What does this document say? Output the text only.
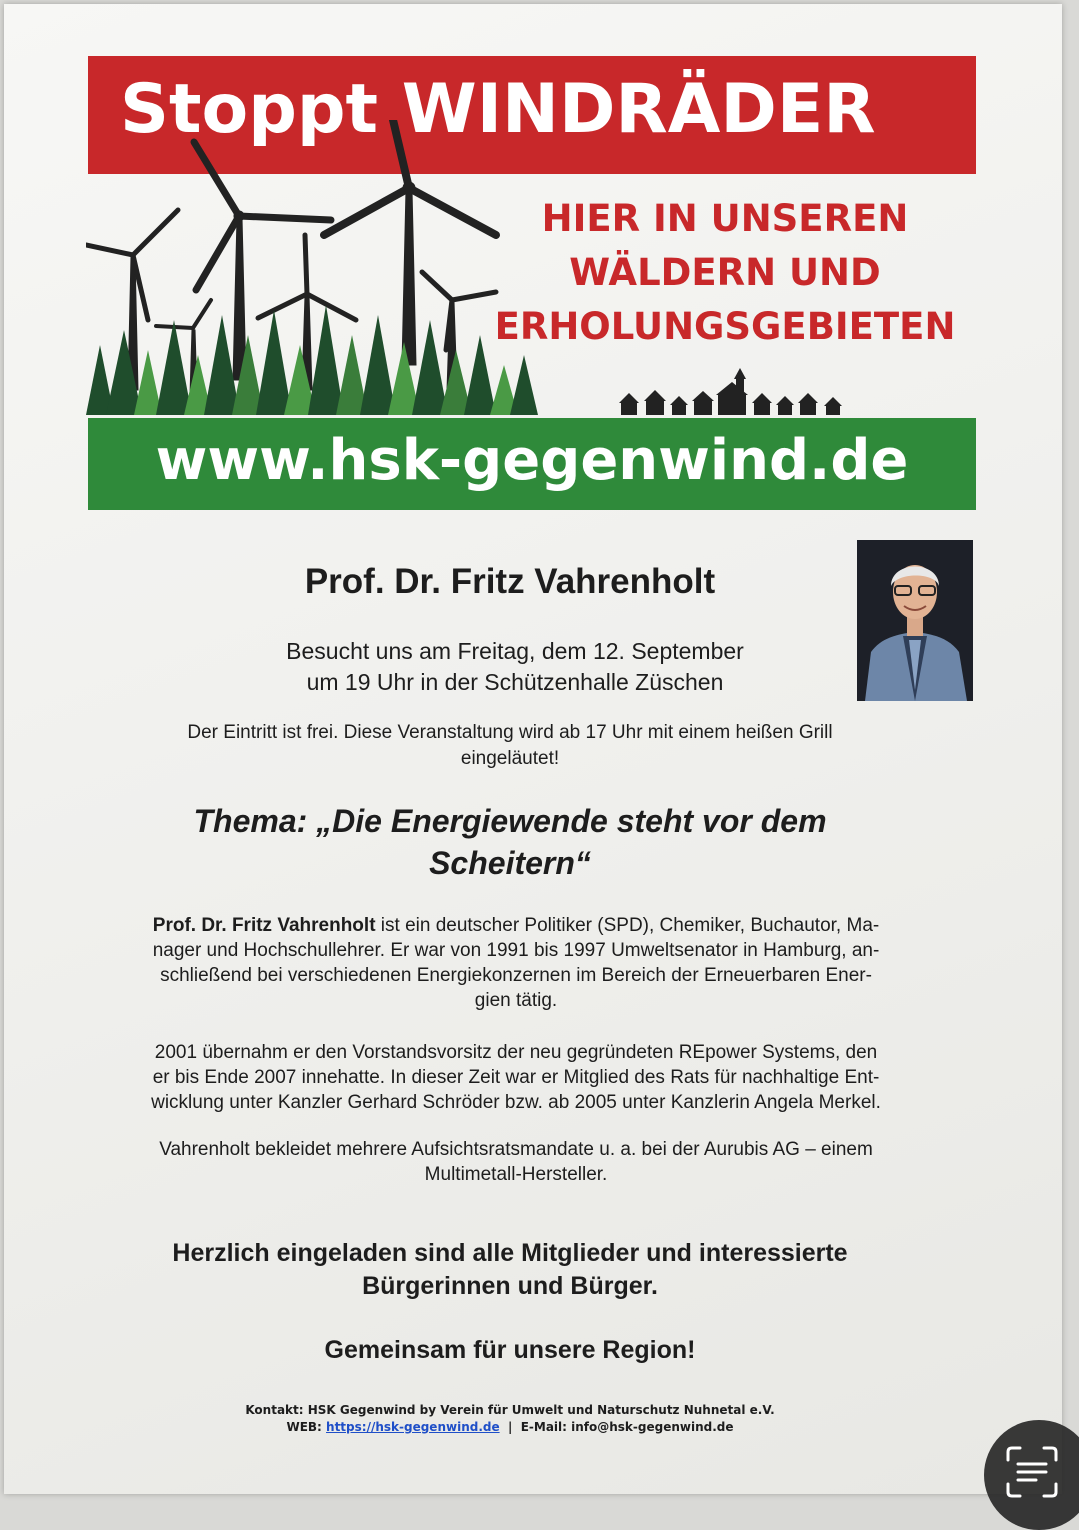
Stoppt WINDRÄDER
HIER IN UNSEREN
WÄLDERN UND
ERHOLUNGSGEBIETEN
www.hsk-gegenwind.de
Prof. Dr. Fritz Vahrenholt
Besucht uns am Freitag, dem 12. September
um 19 Uhr in der Schützenhalle Züschen
Der Eintritt ist frei. Diese Veranstaltung wird ab 17 Uhr mit einem heißen Grill
eingeläutet!
Thema: „Die Energiewende steht vor dem
Scheitern“
Prof. Dr. Fritz Vahrenholt ist ein deutscher Politiker (SPD), Chemiker, Buchautor, Ma-
nager und Hochschullehrer. Er war von 1991 bis 1997 Umweltsenator in Hamburg, an-
schließend bei verschiedenen Energiekonzernen im Bereich der Erneuerbaren Ener-
gien tätig.
2001 übernahm er den Vorstandsvorsitz der neu gegründeten REpower Systems, den
er bis Ende 2007 innehatte. In dieser Zeit war er Mitglied des Rats für nachhaltige Ent-
wicklung unter Kanzler Gerhard Schröder bzw. ab 2005 unter Kanzlerin Angela Merkel.
Vahrenholt bekleidet mehrere Aufsichtsratsmandate u. a. bei der Aurubis AG – einem
Multimetall-Hersteller.
Herzlich eingeladen sind alle Mitglieder und interessierte
Bürgerinnen und Bürger.
Gemeinsam für unsere Region!
Kontakt: HSK Gegenwind by Verein für Umwelt und Naturschutz Nuhnetal e.V.
WEB: https://hsk-gegenwind.de  |  E-Mail: info@hsk-gegenwind.de
